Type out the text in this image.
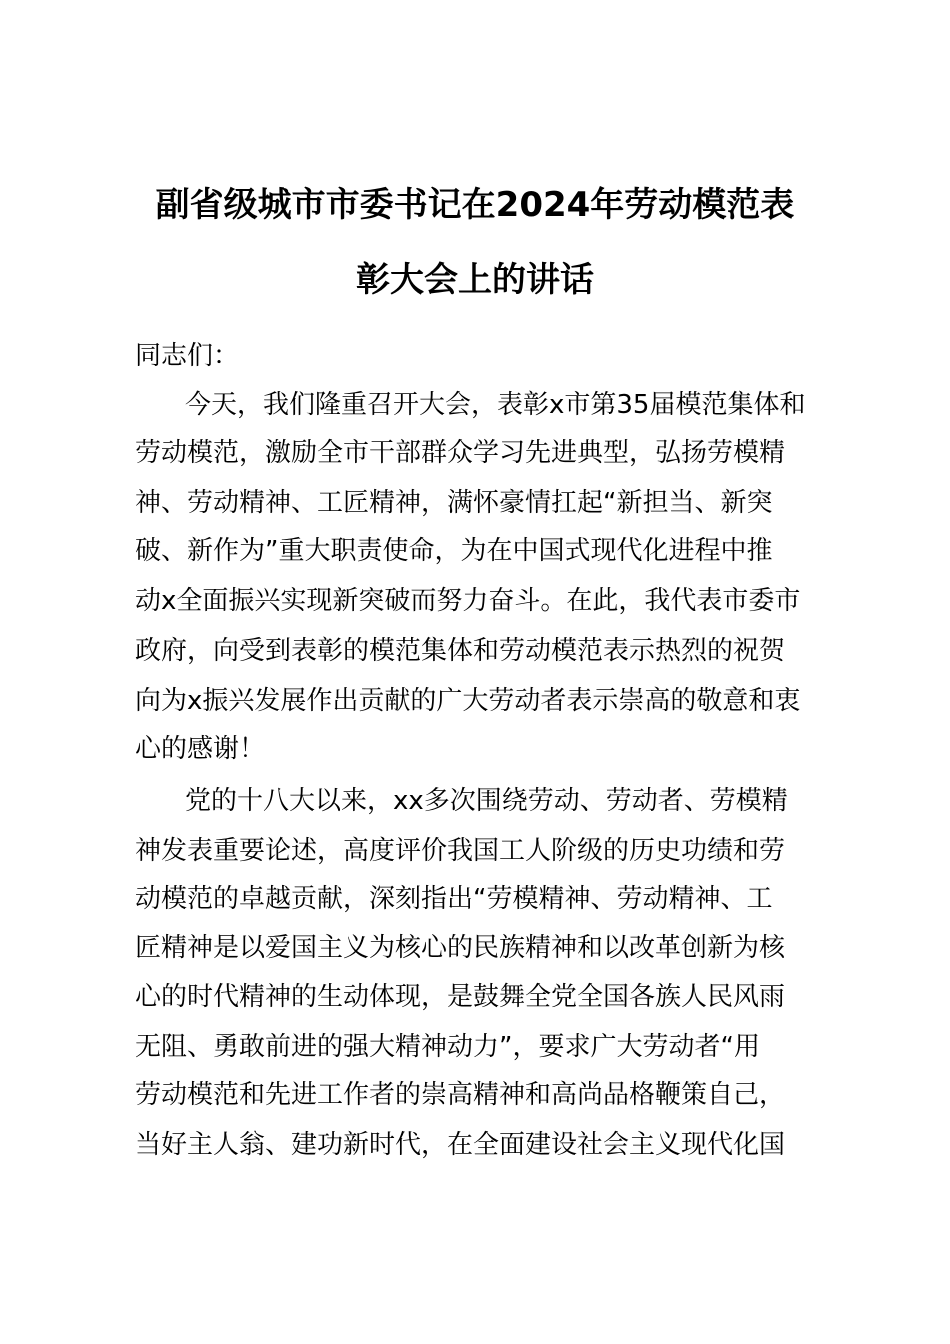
副省级城市市委书记在2024年劳动模范表
彰大会上的讲话
同志们：
今天，我们隆重召开大会，表彰x市第35届模范集体和
劳动模范，激励全市干部群众学习先进典型，弘扬劳模精
神、劳动精神、工匠精神，满怀豪情扛起“新担当、新突
破、新作为”重大职责使命，为在中国式现代化进程中推
动x全面振兴实现新突破而努力奋斗。在此，我代表市委市
政府，向受到表彰的模范集体和劳动模范表示热烈的祝贺
向为x振兴发展作出贡献的广大劳动者表示崇高的敬意和衷
心的感谢！
党的十八大以来，xx多次围绕劳动、劳动者、劳模精
神发表重要论述，高度评价我国工人阶级的历史功绩和劳
动模范的卓越贡献，深刻指出“劳模精神、劳动精神、工
匠精神是以爱国主义为核心的民族精神和以改革创新为核
心的时代精神的生动体现，是鼓舞全党全国各族人民风雨
无阻、勇敢前进的强大精神动力”，要求广大劳动者“用
劳动模范和先进工作者的崇高精神和高尚品格鞭策自己，
当好主人翁、建功新时代，在全面建设社会主义现代化国
